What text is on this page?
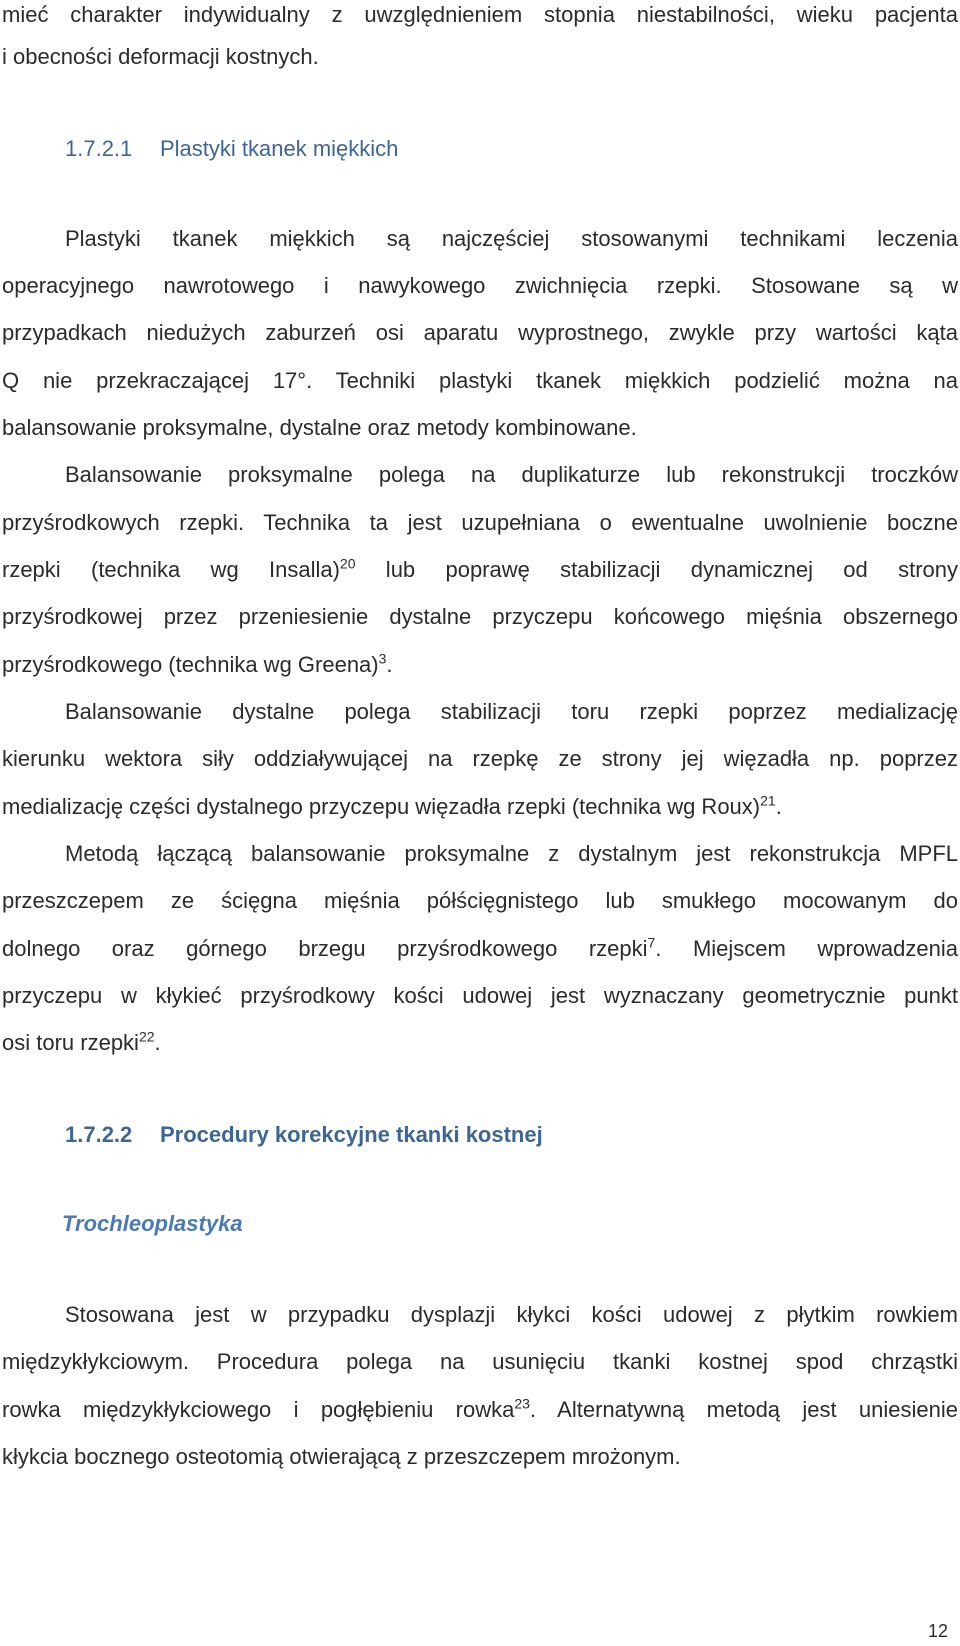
mieć charakter indywidualny z uwzględnieniem stopnia niestabilności, wieku pacjenta
i obecności deformacji kostnych.
1.7.2.1 Plastyki tkanek miękkich
Plastyki tkanek miękkich są najczęściej stosowanymi technikami leczenia
operacyjnego nawrotowego i nawykowego zwichnięcia rzepki. Stosowane są w
przypadkach niedużych zaburzeń osi aparatu wyprostnego, zwykle przy wartości kąta
Q nie przekraczającej 17°. Techniki plastyki tkanek miękkich podzielić można na
balansowanie proksymalne, dystalne oraz metody kombinowane.
Balansowanie proksymalne polega na duplikaturze lub rekonstrukcji troczków
przyśrodkowych rzepki. Technika ta jest uzupełniana o ewentualne uwolnienie boczne
rzepki (technika wg Insalla)$^{20}$ lub poprawę stabilizacji dynamicznej od strony
przyśrodkowej przez przeniesienie dystalne przyczepu końcowego mięśnia obszernego
przyśrodkowego (technika wg Greena)$^3$.
Balansowanie dystalne polega stabilizacji toru rzepki poprzez medializację
kierunku wektora siły oddziaływującej na rzepkę ze strony jej więzadła np. poprzez
medializację części dystalnego przyczepu więzadła rzepki (technika wg Roux)$^{21}$.
Metodą łączącą balansowanie proksymalne z dystalnym jest rekonstrukcja MPFL
przeszczepem ze ścięgna mięśnia półścięgnistego lub smukłego mocowanym do
dolnego oraz górnego brzegu przyśrodkowego rzepki$^7$. Miejscem wprowadzenia
przyczepu w kłykieć przyśrodkowy kości udowej jest wyznaczany geometrycznie punkt
osi toru rzepki$^{22}$.
1.7.2.2 Procedury korekcyjne tkanki kostnej
Trochleoplastyka
Stosowana jest w przypadku dysplazji kłykci kości udowej z płytkim rowkiem
międzykłykciowym. Procedura polega na usunięciu tkanki kostnej spod chrząstki
rowka międzykłykciowego i pogłębieniu rowka$^{23}$. Alternatywną metodą jest uniesienie
kłykcia bocznego osteotomią otwierającą z przeszczepem mrożonym.
12
